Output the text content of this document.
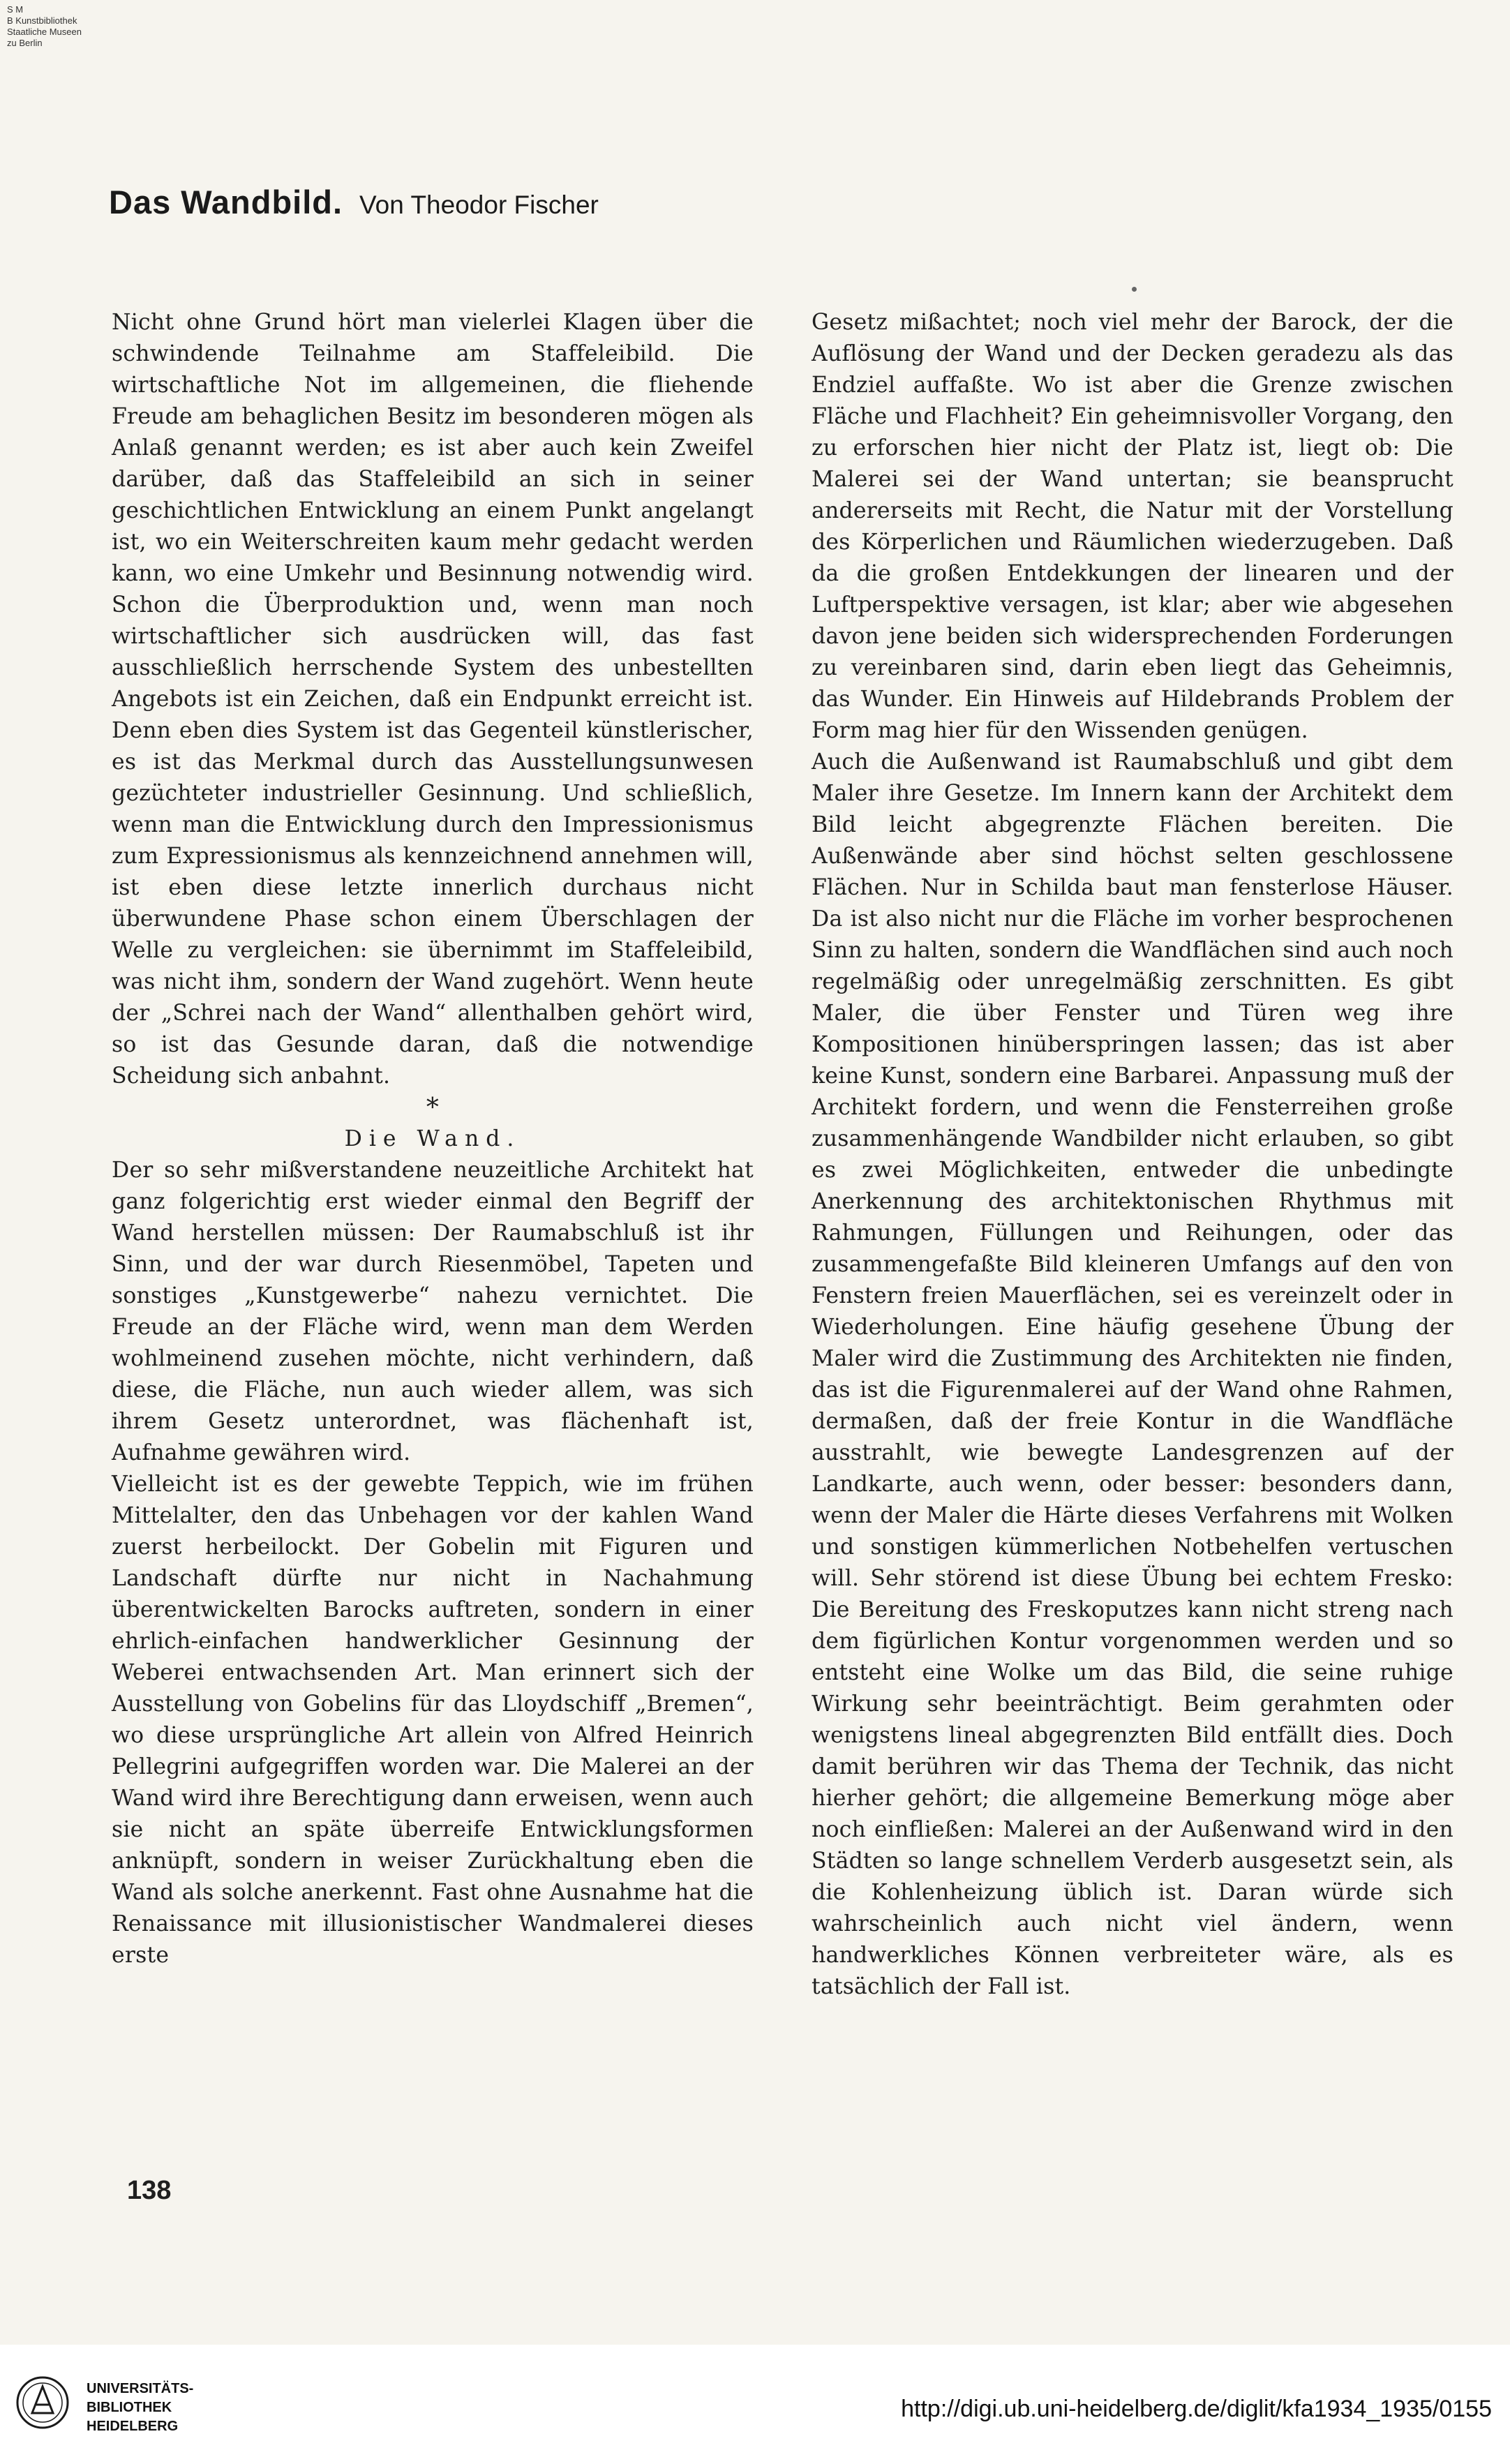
S M
B Kunstbibliothek
Staatliche Museen
zu Berlin
Das Wandbild. Von Theodor Fischer

Nicht ohne Grund hört man vielerlei Klagen über die schwindende Teilnahme am Staffeleibild. Die wirtschaftliche Not im allgemeinen, die fliehende Freude am behaglichen Besitz im besonderen mögen als Anlaß genannt werden; es ist aber auch kein Zweifel darüber, daß das Staffeleibild an sich in seiner geschichtlichen Entwicklung an einem Punkt angelangt ist, wo ein Weiterschreiten kaum mehr gedacht werden kann, wo eine Umkehr und Besinnung notwendig wird. Schon die Überproduktion und, wenn man noch wirtschaftlicher sich ausdrücken will, das fast ausschließlich herrschende System des unbestellten Angebots ist ein Zeichen, daß ein Endpunkt erreicht ist. Denn eben dies System ist das Gegenteil künstlerischer, es ist das Merkmal durch das Ausstellungsunwesen gezüchteter industrieller Gesinnung. Und schließlich, wenn man die Entwicklung durch den Impressionismus zum Expressionismus als kennzeichnend annehmen will, ist eben diese letzte innerlich durchaus nicht überwundene Phase schon einem Überschlagen der Welle zu vergleichen: sie übernimmt im Staffeleibild, was nicht ihm, sondern der Wand zugehört. Wenn heute der „Schrei nach der Wand“ allenthalben gehört wird, so ist das Gesunde daran, daß die notwendige Scheidung sich anbahnt.

*

Die Wand.

Der so sehr mißverstandene neuzeitliche Architekt hat ganz folgerichtig erst wieder einmal den Begriff der Wand herstellen müssen: Der Raumabschluß ist ihr Sinn, und der war durch Riesenmöbel, Tapeten und sonstiges „Kunstgewerbe“ nahezu vernichtet. Die Freude an der Fläche wird, wenn man dem Werden wohlmeinend zusehen möchte, nicht verhindern, daß diese, die Fläche, nun auch wieder allem, was sich ihrem Gesetz unterordnet, was flächenhaft ist, Aufnahme gewähren wird.

Vielleicht ist es der gewebte Teppich, wie im frühen Mittelalter, den das Unbehagen vor der kahlen Wand zuerst herbeilockt. Der Gobelin mit Figuren und Landschaft dürfte nur nicht in Nachahmung überentwickelten Barocks auftreten, sondern in einer ehrlich-einfachen handwerklicher Gesinnung der Weberei entwachsenden Art. Man erinnert sich der Ausstellung von Gobelins für das Lloydschiff „Bremen“, wo diese ursprüngliche Art allein von Alfred Heinrich Pellegrini aufgegriffen worden war. Die Malerei an der Wand wird ihre Berechtigung dann erweisen, wenn auch sie nicht an späte überreife Entwicklungsformen anknüpft, sondern in weiser Zurückhaltung eben die Wand als solche anerkennt. Fast ohne Ausnahme hat die Renaissance mit illusionistischer Wandmalerei dieses erste

Gesetz mißachtet; noch viel mehr der Barock, der die Auflösung der Wand und der Decken geradezu als das Endziel auffaßte. Wo ist aber die Grenze zwischen Fläche und Flachheit? Ein geheimnisvoller Vorgang, den zu erforschen hier nicht der Platz ist, liegt ob: Die Malerei sei der Wand untertan; sie beansprucht andererseits mit Recht, die Natur mit der Vorstellung des Körperlichen und Räumlichen wiederzugeben. Daß da die großen Entdekkungen der linearen und der Luftperspektive versagen, ist klar; aber wie abgesehen davon jene beiden sich widersprechenden Forderungen zu vereinbaren sind, darin eben liegt das Geheimnis, das Wunder. Ein Hinweis auf Hildebrands Problem der Form mag hier für den Wissenden genügen.

Auch die Außenwand ist Raumabschluß und gibt dem Maler ihre Gesetze. Im Innern kann der Architekt dem Bild leicht abgegrenzte Flächen bereiten. Die Außenwände aber sind höchst selten geschlossene Flächen. Nur in Schilda baut man fensterlose Häuser. Da ist also nicht nur die Fläche im vorher besprochenen Sinn zu halten, sondern die Wandflächen sind auch noch regelmäßig oder unregelmäßig zerschnitten. Es gibt Maler, die über Fenster und Türen weg ihre Kompositionen hinüberspringen lassen; das ist aber keine Kunst, sondern eine Barbarei. Anpassung muß der Architekt fordern, und wenn die Fensterreihen große zusammenhängende Wandbilder nicht erlauben, so gibt es zwei Möglichkeiten, entweder die unbedingte Anerkennung des architektonischen Rhythmus mit Rahmungen, Füllungen und Reihungen, oder das zusammengefaßte Bild kleineren Umfangs auf den von Fenstern freien Mauerflächen, sei es vereinzelt oder in Wiederholungen. Eine häufig gesehene Übung der Maler wird die Zustimmung des Architekten nie finden, das ist die Figurenmalerei auf der Wand ohne Rahmen, dermaßen, daß der freie Kontur in die Wandfläche ausstrahlt, wie bewegte Landesgrenzen auf der Landkarte, auch wenn, oder besser: besonders dann, wenn der Maler die Härte dieses Verfahrens mit Wolken und sonstigen kümmerlichen Notbehelfen vertuschen will. Sehr störend ist diese Übung bei echtem Fresko: Die Bereitung des Freskoputzes kann nicht streng nach dem figürlichen Kontur vorgenommen werden und so entsteht eine Wolke um das Bild, die seine ruhige Wirkung sehr beeinträchtigt. Beim gerahmten oder wenigstens lineal abgegrenzten Bild entfällt dies. Doch damit berühren wir das Thema der Technik, das nicht hierher gehört; die allgemeine Bemerkung möge aber noch einfließen: Malerei an der Außenwand wird in den Städten so lange schnellem Verderb ausgesetzt sein, als die Kohlenheizung üblich ist. Daran würde sich wahrscheinlich auch nicht viel ändern, wenn handwerkliches Können verbreiteter wäre, als es tatsächlich der Fall ist.

138
UNIVERSITÄTS-
BIBLIOTHEK
HEIDELBERG
http://digi.ub.uni-heidelberg.de/diglit/kfa1934_1935/0155
